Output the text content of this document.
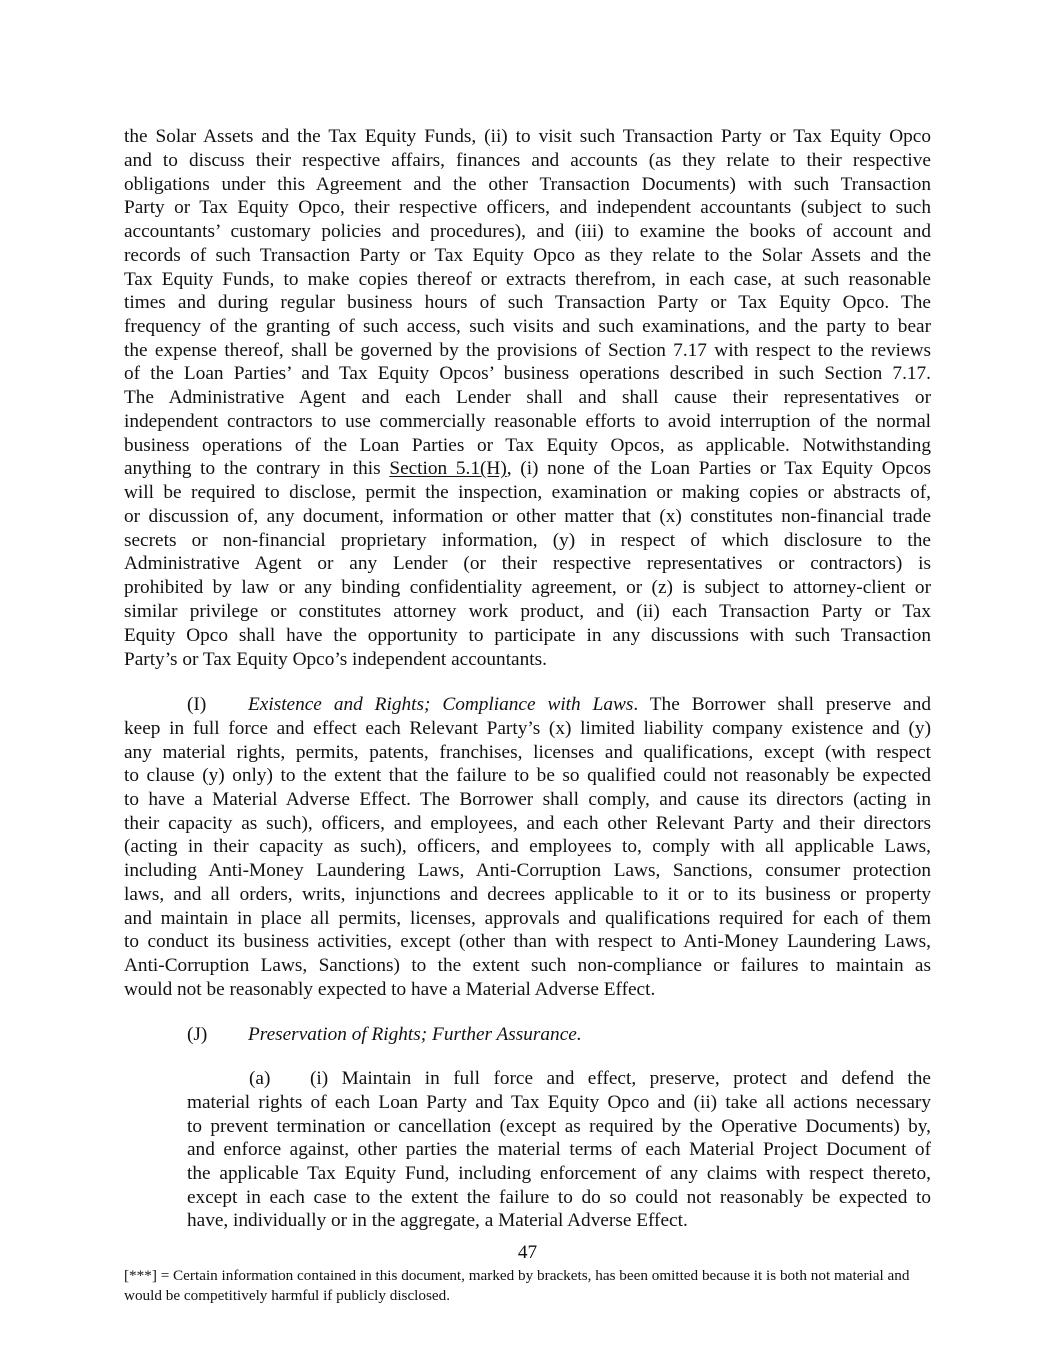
the Solar Assets and the Tax Equity Funds, (ii) to visit such Transaction Party or Tax Equity Opco
and to discuss their respective affairs, finances and accounts (as they relate to their respective
obligations under this Agreement and the other Transaction Documents) with such Transaction
Party or Tax Equity Opco, their respective officers, and independent accountants (subject to such
accountants’ customary policies and procedures), and (iii) to examine the books of account and
records of such Transaction Party or Tax Equity Opco as they relate to the Solar Assets and the
Tax Equity Funds, to make copies thereof or extracts therefrom, in each case, at such reasonable
times and during regular business hours of such Transaction Party or Tax Equity Opco. The
frequency of the granting of such access, such visits and such examinations, and the party to bear
the expense thereof, shall be governed by the provisions of Section 7.17 with respect to the reviews
of the Loan Parties’ and Tax Equity Opcos’ business operations described in such Section 7.17.
The Administrative Agent and each Lender shall and shall cause their representatives or
independent contractors to use commercially reasonable efforts to avoid interruption of the normal
business operations of the Loan Parties or Tax Equity Opcos, as applicable. Notwithstanding
anything to the contrary in this Section 5.1(H), (i) none of the Loan Parties or Tax Equity Opcos
will be required to disclose, permit the inspection, examination or making copies or abstracts of,
or discussion of, any document, information or other matter that (x) constitutes non-financial trade
secrets or non-financial proprietary information, (y) in respect of which disclosure to the
Administrative Agent or any Lender (or their respective representatives or contractors) is
prohibited by law or any binding confidentiality agreement, or (z) is subject to attorney-client or
similar privilege or constitutes attorney work product, and (ii) each Transaction Party or Tax
Equity Opco shall have the opportunity to participate in any discussions with such Transaction
Party’s or Tax Equity Opco’s independent accountants.
(I) Existence and Rights; Compliance with Laws. The Borrower shall preserve and
keep in full force and effect each Relevant Party’s (x) limited liability company existence and (y)
any material rights, permits, patents, franchises, licenses and qualifications, except (with respect
to clause (y) only) to the extent that the failure to be so qualified could not reasonably be expected
to have a Material Adverse Effect. The Borrower shall comply, and cause its directors (acting in
their capacity as such), officers, and employees, and each other Relevant Party and their directors
(acting in their capacity as such), officers, and employees to, comply with all applicable Laws,
including Anti-Money Laundering Laws, Anti-Corruption Laws, Sanctions, consumer protection
laws, and all orders, writs, injunctions and decrees applicable to it or to its business or property
and maintain in place all permits, licenses, approvals and qualifications required for each of them
to conduct its business activities, except (other than with respect to Anti-Money Laundering Laws,
Anti-Corruption Laws, Sanctions) to the extent such non-compliance or failures to maintain as
would not be reasonably expected to have a Material Adverse Effect.
(J) Preservation of Rights; Further Assurance.
(a) (i) Maintain in full force and effect, preserve, protect and defend the
material rights of each Loan Party and Tax Equity Opco and (ii) take all actions necessary
to prevent termination or cancellation (except as required by the Operative Documents) by,
and enforce against, other parties the material terms of each Material Project Document of
the applicable Tax Equity Fund, including enforcement of any claims with respect thereto,
except in each case to the extent the failure to do so could not reasonably be expected to
have, individually or in the aggregate, a Material Adverse Effect.
47
[***] = Certain information contained in this document, marked by brackets, has been omitted because it is both not material and would be competitively harmful if publicly disclosed.
